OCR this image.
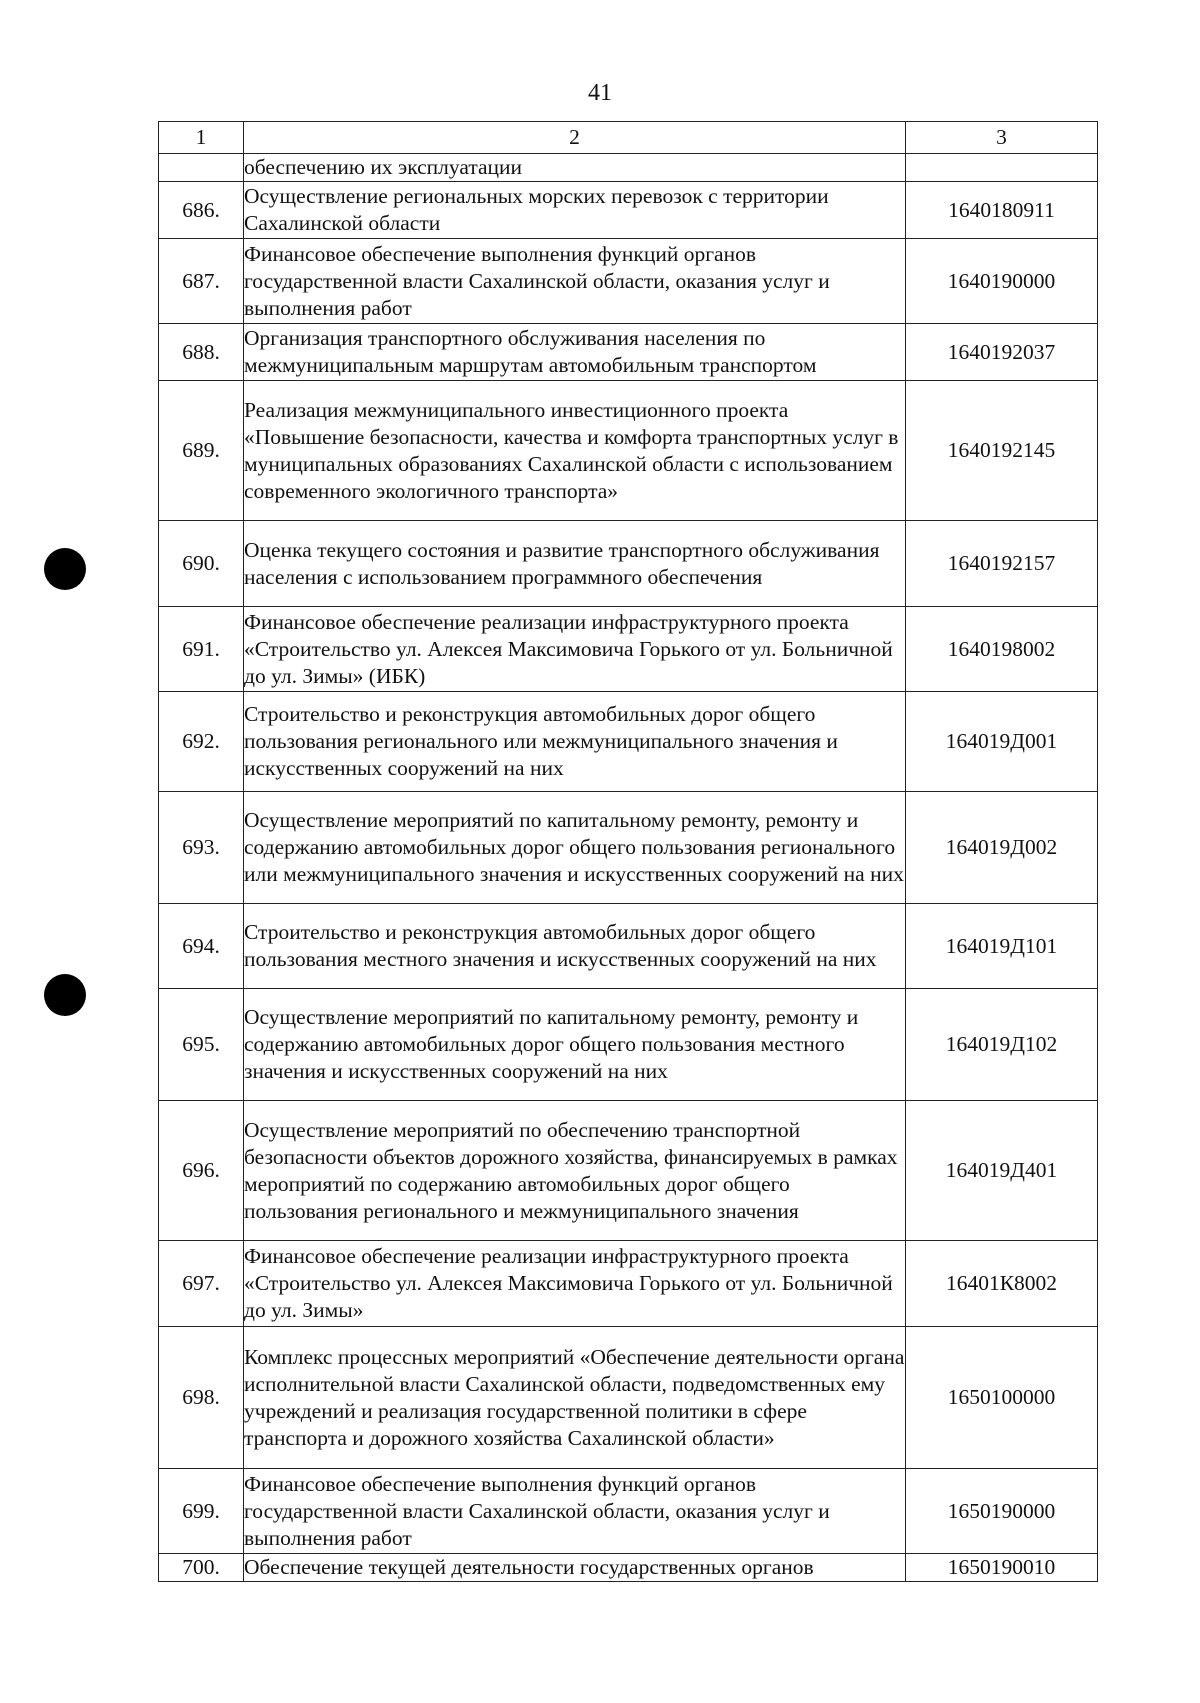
41
1	2	3
	обеспечению их эксплуатации	
686.	Осуществление региональных морских перевозок с территории Сахалинской области	1640180911
687.	Финансовое обеспечение выполнения функций органов государственной власти Сахалинской области, оказания услуг и выполнения работ	1640190000
688.	Организация транспортного обслуживания населения по межмуниципальным маршрутам автомобильным транспортом	1640192037
689.	Реализация межмуниципального инвестиционного проекта «Повышение безопасности, качества и комфорта транспортных услуг в муниципальных образованиях Сахалинской области с использованием современного экологичного транспорта»	1640192145
690.	Оценка текущего состояния и развитие транспортного обслуживания населения с использованием программного обеспечения	1640192157
691.	Финансовое обеспечение реализации инфраструктурного проекта «Строительство ул. Алексея Максимовича Горького от ул. Больничной до ул. Зимы» (ИБК)	1640198002
692.	Строительство и реконструкция автомобильных дорог общего пользования регионального или межмуниципального значения и искусственных сооружений на них	164019Д001
693.	Осуществление мероприятий по капитальному ремонту, ремонту и содержанию автомобильных дорог общего пользования регионального или межмуниципального значения и искусственных сооружений на них	164019Д002
694.	Строительство и реконструкция автомобильных дорог общего пользования местного значения и искусственных сооружений на них	164019Д101
695.	Осуществление мероприятий по капитальному ремонту, ремонту и содержанию автомобильных дорог общего пользования местного значения и искусственных сооружений на них	164019Д102
696.	Осуществление мероприятий по обеспечению транспортной безопасности объектов дорожного хозяйства, финансируемых в рамках мероприятий по содержанию автомобильных дорог общего пользования регионального и межмуниципального значения	164019Д401
697.	Финансовое обеспечение реализации инфраструктурного проекта «Строительство ул. Алексея Максимовича Горького от ул. Больничной до ул. Зимы»	16401К8002
698.	Комплекс процессных мероприятий «Обеспечение деятельности органа исполнительной власти Сахалинской области, подведомственных ему учреждений и реализация государственной политики в сфере транспорта и дорожного хозяйства Сахалинской области»	1650100000
699.	Финансовое обеспечение выполнения функций органов государственной власти Сахалинской области, оказания услуг и выполнения работ	1650190000
700.	Обеспечение текущей деятельности государственных органов	1650190010
